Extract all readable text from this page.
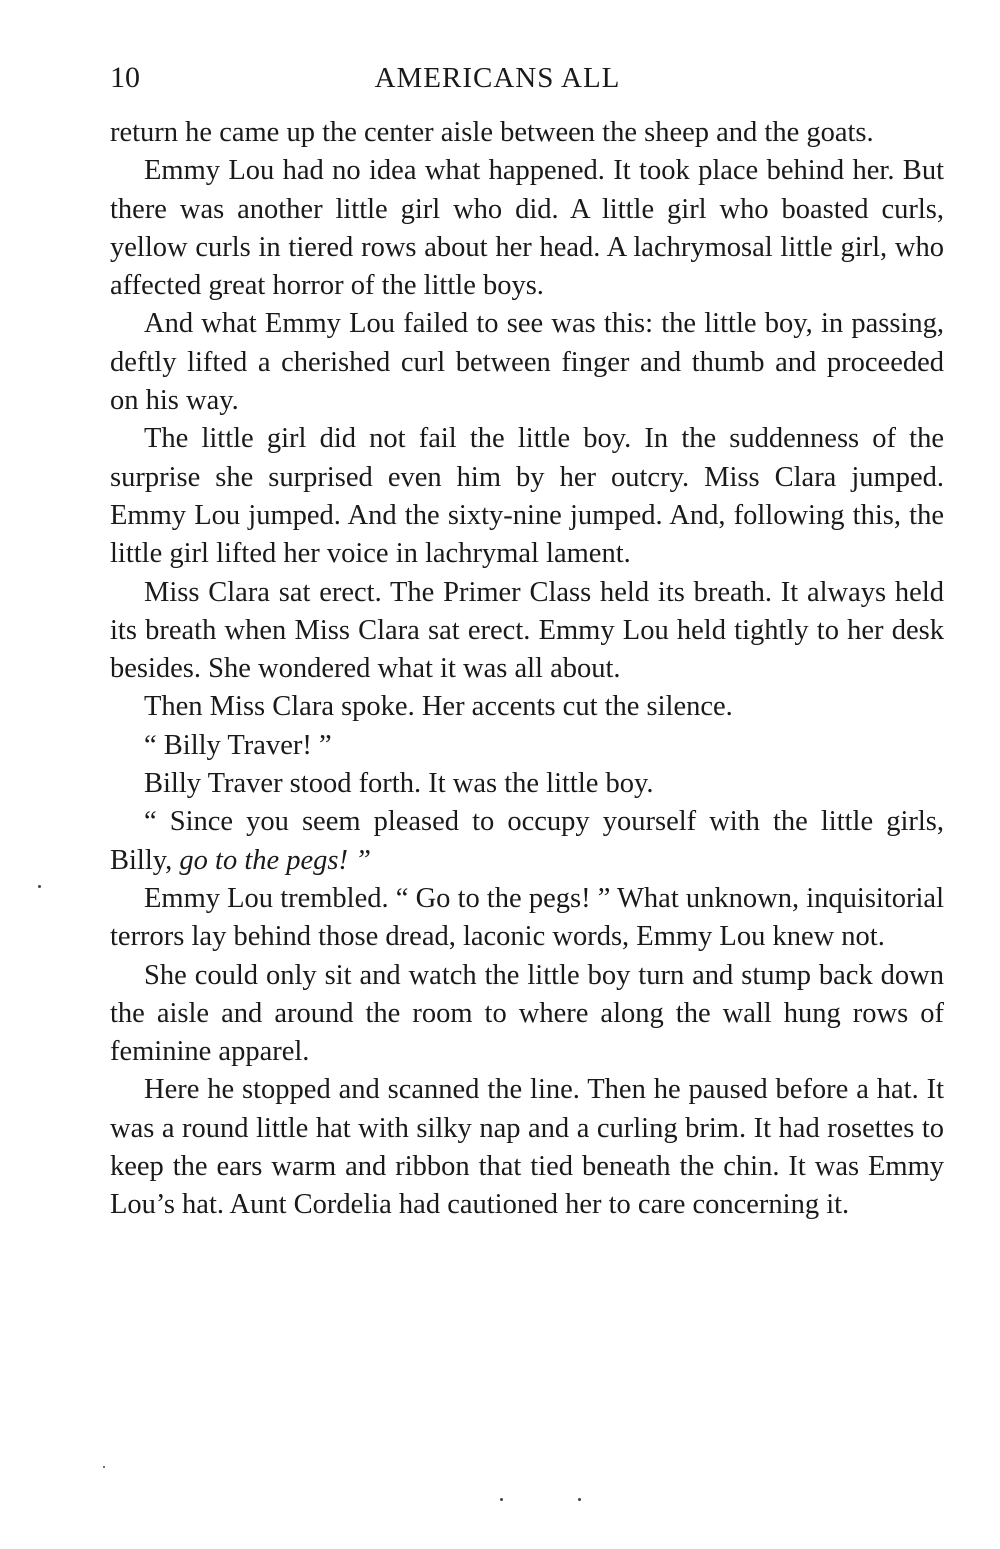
10	AMERICANS ALL

return he came up the center aisle between the sheep and the goats.

Emmy Lou had no idea what happened. It took place behind her. But there was another little girl who did. A little girl who boasted curls, yellow curls in tiered rows about her head. A lachrymosal little girl, who affected great horror of the little boys.

And what Emmy Lou failed to see was this: the little boy, in passing, deftly lifted a cherished curl between finger and thumb and proceeded on his way.

The little girl did not fail the little boy. In the suddenness of the surprise she surprised even him by her outcry. Miss Clara jumped. Emmy Lou jumped. And the sixty-nine jumped. And, following this, the little girl lifted her voice in lachrymal lament.

Miss Clara sat erect. The Primer Class held its breath. It always held its breath when Miss Clara sat erect. Emmy Lou held tightly to her desk besides. She wondered what it was all about.

Then Miss Clara spoke. Her accents cut the silence.

“ Billy Traver! ”

Billy Traver stood forth. It was the little boy.

“ Since you seem pleased to occupy yourself with the little girls, Billy, go to the pegs! ”

Emmy Lou trembled. “ Go to the pegs! ” What unknown, inquisitorial terrors lay behind those dread, laconic words, Emmy Lou knew not.

She could only sit and watch the little boy turn and stump back down the aisle and around the room to where along the wall hung rows of feminine apparel.

Here he stopped and scanned the line. Then he paused before a hat. It was a round little hat with silky nap and a curling brim. It had rosettes to keep the ears warm and ribbon that tied beneath the chin. It was Emmy Lou’s hat. Aunt Cordelia had cautioned her to care concerning it.
